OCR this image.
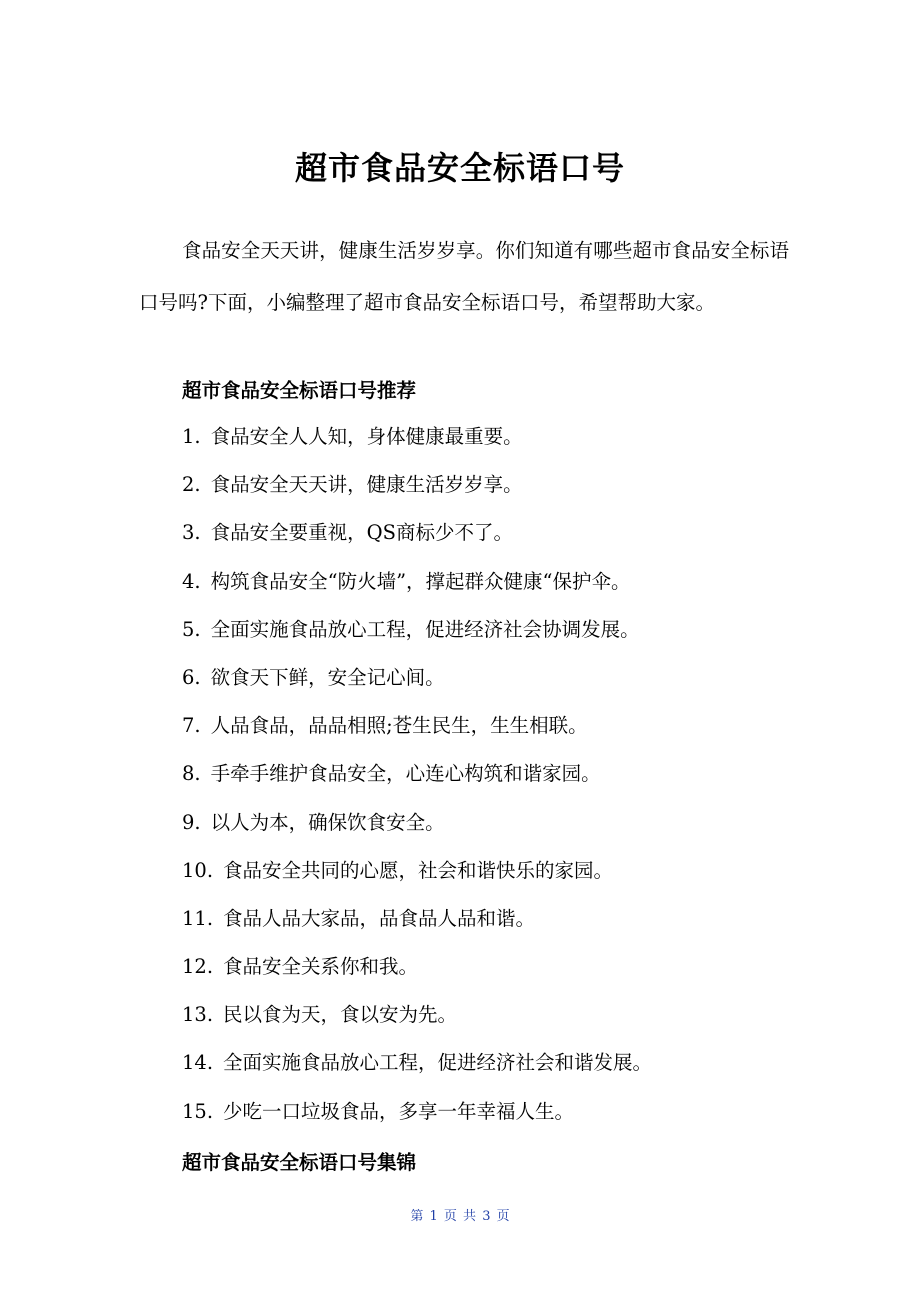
超市食品安全标语口号

食品安全天天讲，健康生活岁岁享。你们知道有哪些超市食品安全标语口号吗?下面，小编整理了超市食品安全标语口号，希望帮助大家。

超市食品安全标语口号推荐
1. 食品安全人人知，身体健康最重要。
2. 食品安全天天讲，健康生活岁岁享。
3. 食品安全要重视，QS商标少不了。
4. 构筑食品安全“防火墙”，撑起群众健康“保护伞。
5. 全面实施食品放心工程，促进经济社会协调发展。
6. 欲食天下鲜，安全记心间。
7. 人品食品，品品相照;苍生民生，生生相联。
8. 手牵手维护食品安全，心连心构筑和谐家园。
9. 以人为本，确保饮食安全。
10. 食品安全共同的心愿，社会和谐快乐的家园。
11. 食品人品大家品，品食品人品和谐。
12. 食品安全关系你和我。
13. 民以食为天，食以安为先。
14. 全面实施食品放心工程，促进经济社会和谐发展。
15. 少吃一口垃圾食品，多享一年幸福人生。
超市食品安全标语口号集锦
第 1 页 共 3 页
